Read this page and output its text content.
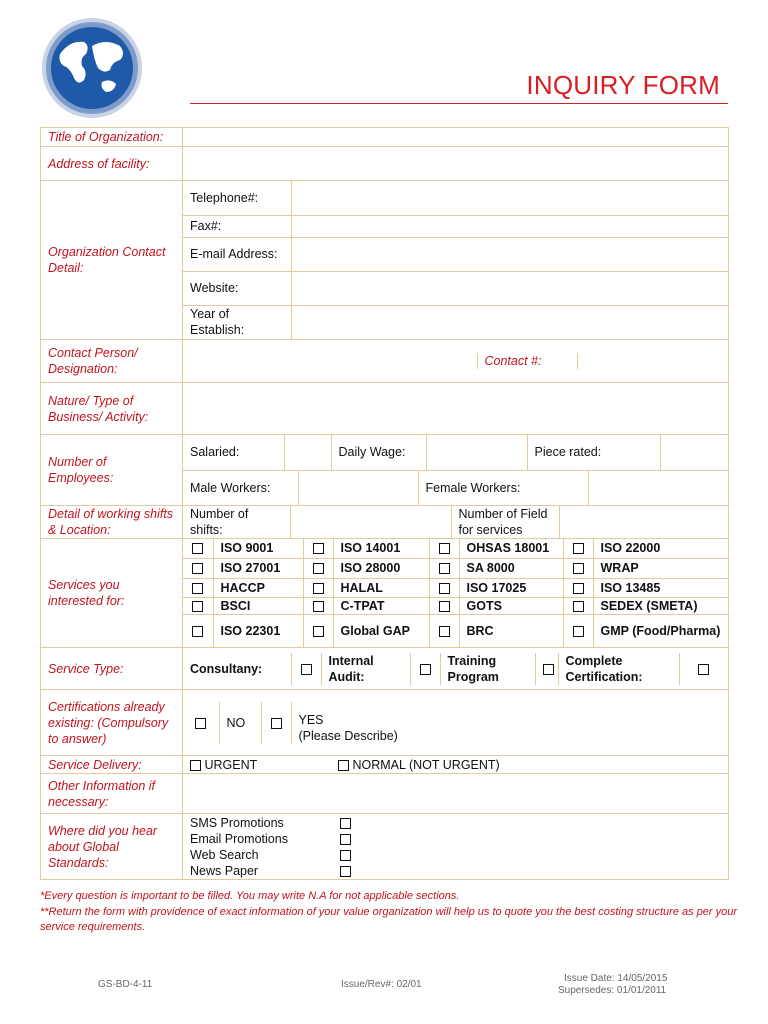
INQUIRY FORM
Title of Organization:	
Address of facility:	
Organization Contact Detail:	
Telephone#:	
Fax#:	
E-mail Address:	
Website:	
Year of Establish:	

Contact Person/ Designation:	
	Contact #:	

Nature/ Type of Business/ Activity:	
Number of Employees:	
Salaried:		Daily Wage:		Piece rated:	

Male Workers:		Female Workers:	

Detail of working shifts & Location:	
Number of shifts:		Number of Field for services	

Services you interested for:	
	ISO 9001		ISO 14001		OHSAS 18001		ISO 22000
	ISO 27001		ISO 28000		SA 8000		WRAP
	HACCP		HALAL		ISO 17025		ISO 13485
	BSCI		C-TPAT		GOTS		SEDEX (SMETA)
	ISO 22301		Global GAP		BRC		GMP (Food/Pharma)

Service Type:		Consultany:		Internal Audit:		Training Program		Complete Certification:	

Certifications already existing: (Compulsory to answer)	
	NO		YES
(Please Describe)

Service Delivery:		URGENT	NORMAL (NOT URGENT)

Other Information if necessary:	
Where did you hear about Global Standards:	
SMS Promotions		
Email Promotions		
Web Search		
News Paper		
*Every question is important to be filled. You may write N.A for not applicable sections.
**Return the form with providence of exact information of your value organization will help us to quote you the best costing structure as per your service requirements.
GS-BD-4-11	Issue/Rev#: 02/01
Issue Date: 14/05/2015
Supersedes: 01/01/2011
